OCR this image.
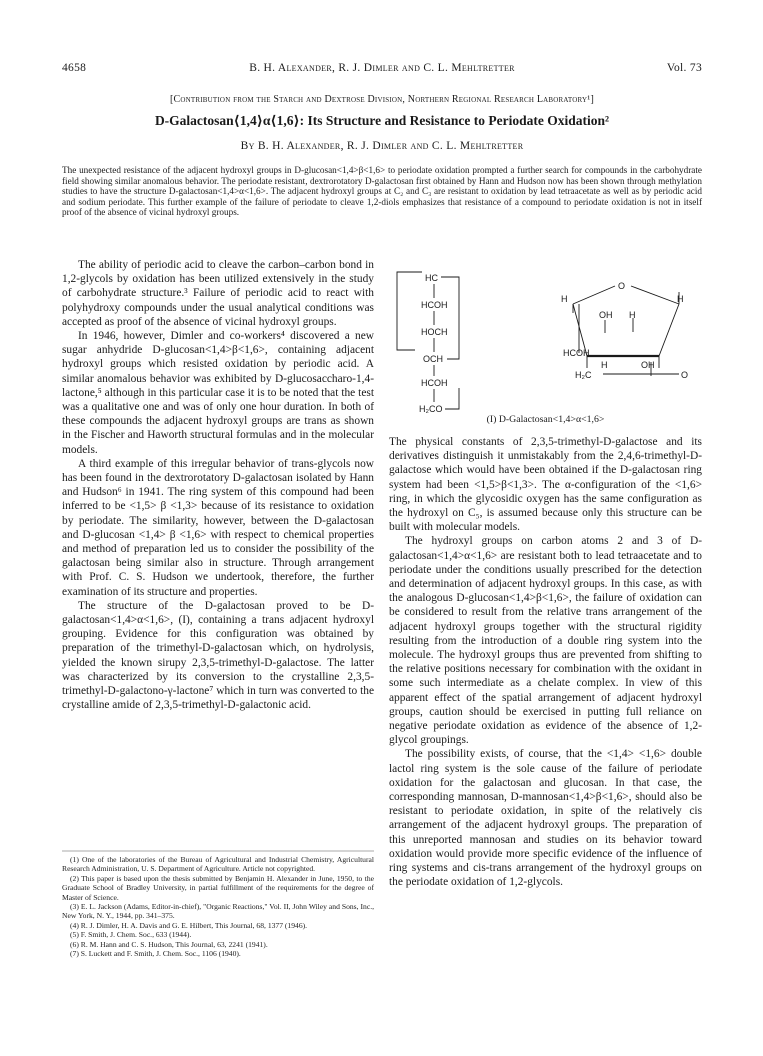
4658	B. H. Alexander, R. J. Dimler and C. L. Mehltretter	Vol. 73
[Contribution from the Starch and Dextrose Division, Northern Regional Research Laboratory¹]
D-Galactosan⟨1,4⟩α⟨1,6⟩: Its Structure and Resistance to Periodate Oxidation²
By B. H. Alexander, R. J. Dimler and C. L. Mehltretter
The unexpected resistance of the adjacent hydroxyl groups in D-glucosan<1,4>β<1,6> to periodate oxidation prompted a further search for compounds in the carbohydrate field showing similar anomalous behavior. The periodate resistant, dextrorotatory D-galactosan first obtained by Hann and Hudson now has been shown through methylation studies to have the structure D-galactosan<1,4>α<1,6>. The adjacent hydroxyl groups at C₂ and C₃ are resistant to oxidation by lead tetraacetate as well as by periodic acid and sodium periodate. This further example of the failure of periodate to cleave 1,2-diols emphasizes that resistance of a compound to periodate oxidation is not in itself proof of the absence of vicinal hydroxyl groups.

The ability of periodic acid to cleave the carbon–carbon bond in 1,2-glycols by oxidation has been utilized extensively in the study of carbohydrate structure.³ Failure of periodic acid to react with polyhydroxy compounds under the usual analytical conditions was accepted as proof of the absence of vicinal hydroxyl groups.

In 1946, however, Dimler and co-workers⁴ discovered a new sugar anhydride D-glucosan<1,4>β<1,6>, containing adjacent hydroxyl groups which resisted oxidation by periodic acid. A similar anomalous behavior was exhibited by D-glucosaccharo-1,4-lactone,⁵ although in this particular case it is to be noted that the test was a qualitative one and was of only one hour duration. In both of these compounds the adjacent hydroxyl groups are trans as shown in the Fischer and Haworth structural formulas and in the molecular models.

A third example of this irregular behavior of trans-glycols now has been found in the dextrorotatory D-galactosan isolated by Hann and Hudson⁶ in 1941. The ring system of this compound had been inferred to be <1,5> β <1,3> because of its resistance to oxidation by periodate. The similarity, however, between the D-galactosan and D-glucosan <1,4> β <1,6> with respect to chemical properties and method of preparation led us to consider the possibility of the galactosan being similar also in structure. Through arrangement with Prof. C. S. Hudson we undertook, therefore, the further examination of its structure and properties.

The structure of the D-galactosan proved to be D-galactosan<1,4>α<1,6>, (I), containing a trans adjacent hydroxyl grouping. Evidence for this configuration was obtained by preparation of the trimethyl-D-galactosan which, on hydrolysis, yielded the known sirupy 2,3,5-trimethyl-D-galactose. The latter was characterized by its conversion to the crystalline 2,3,5-trimethyl-D-galactono-γ-lactone⁷ which in turn was converted to the crystalline amide of 2,3,5-trimethyl-D-galactonic acid.

(1) One of the laboratories of the Bureau of Agricultural and Industrial Chemistry, Agricultural Research Administration, U. S. Department of Agriculture. Article not copyrighted.

(2) This paper is based upon the thesis submitted by Benjamin H. Alexander in June, 1950, to the Graduate School of Bradley University, in partial fulfillment of the requirements for the degree of Master of Science.

(3) E. L. Jackson (Adams, Editor-in-chief), "Organic Reactions," Vol. II, John Wiley and Sons, Inc., New York, N. Y., 1944, pp. 341–375.

(4) R. J. Dimler, H. A. Davis and G. E. Hilbert, This Journal, 68, 1377 (1946).

(5) F. Smith, J. Chem. Soc., 633 (1944).

(6) R. M. Hann and C. S. Hudson, This Journal, 63, 2241 (1941).

(7) S. Luckett and F. Smith, J. Chem. Soc., 1106 (1940).

HC
HCOH
HOCH
OCH
HCOH
H₂CO
H
O
H
OH H
HCOH
H	OH
H₂C	O
(I) D-Galactosan<1,4>α<1,6>

The physical constants of 2,3,5-trimethyl-D-galactose and its derivatives distinguish it unmistakably from the 2,4,6-trimethyl-D-galactose which would have been obtained if the D-galactosan ring system had been <1,5>β<1,3>. The α-configuration of the <1,6> ring, in which the glycosidic oxygen has the same configuration as the hydroxyl on C₅, is assumed because only this structure can be built with molecular models.

The hydroxyl groups on carbon atoms 2 and 3 of D-galactosan<1,4>α<1,6> are resistant both to lead tetraacetate and to periodate under the conditions usually prescribed for the detection and determination of adjacent hydroxyl groups. In this case, as with the analogous D-glucosan<1,4>β<1,6>, the failure of oxidation can be considered to result from the relative trans arrangement of the adjacent hydroxyl groups together with the structural rigidity resulting from the introduction of a double ring system into the molecule. The hydroxyl groups thus are prevented from shifting to the relative positions necessary for combination with the oxidant in some such intermediate as a chelate complex. In view of this apparent effect of the spatial arrangement of adjacent hydroxyl groups, caution should be exercised in putting full reliance on negative periodate oxidation as evidence of the absence of 1,2-glycol groupings.

The possibility exists, of course, that the <1,4> <1,6> double lactol ring system is the sole cause of the failure of periodate oxidation for the galactosan and glucosan. In that case, the corresponding mannosan, D-mannosan<1,4>β<1,6>, should also be resistant to periodate oxidation, in spite of the relatively cis arrangement of the adjacent hydroxyl groups. The preparation of this unreported mannosan and studies on its behavior toward oxidation would provide more specific evidence of the influence of ring systems and cis-trans arrangement of the hydroxyl groups on the periodate oxidation of 1,2-glycols.
